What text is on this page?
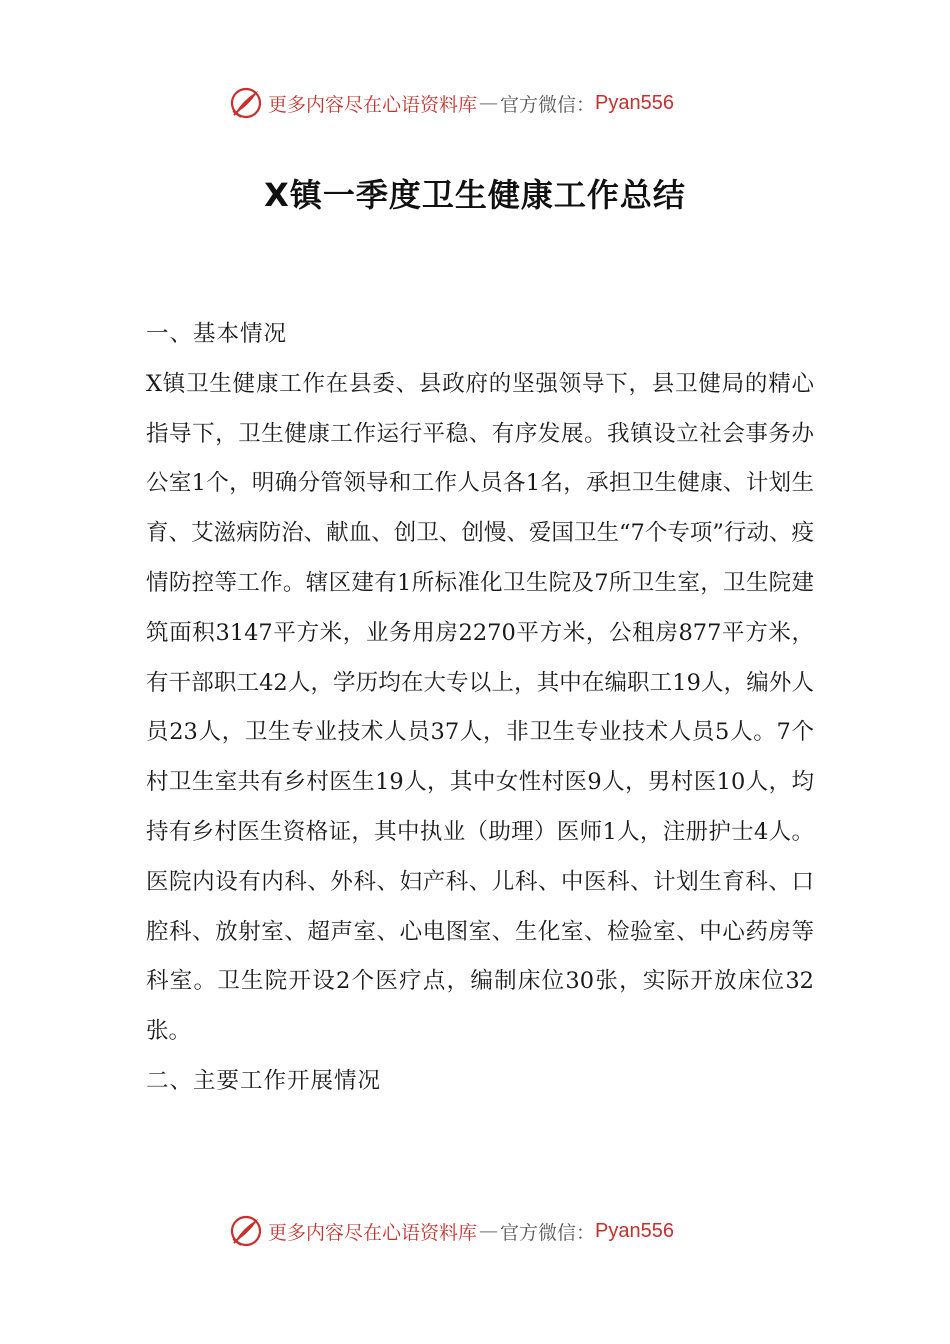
更多内容尽在心语资料库 — 官方微信： Pyan556
X镇一季度卫生健康工作总结

一、基本情况

X镇卫生健康工作在县委、县政府的坚强领导下，县卫健局的精心指导下，卫生健康工作运行平稳、有序发展。我镇设立社会事务办公室1个，明确分管领导和工作人员各1名，承担卫生健康、计划生育、艾滋病防治、献血、创卫、创慢、爱国卫生“7个专项”行动、疫情防控等工作。辖区建有1所标准化卫生院及7所卫生室，卫生院建筑面积3147平方米，业务用房2270平方米，公租房877平方米，有干部职工42人，学历均在大专以上，其中在编职工19人，编外人员23人，卫生专业技术人员37人，非卫生专业技术人员5人。7个村卫生室共有乡村医生19人，其中女性村医9人，男村医10人，均持有乡村医生资格证，其中执业（助理）医师1人，注册护士4人。医院内设有内科、外科、妇产科、儿科、中医科、计划生育科、口腔科、放射室、超声室、心电图室、生化室、检验室、中心药房等科室。卫生院开设2个医疗点，编制床位30张，实际开放床位32张。

二、主要工作开展情况

更多内容尽在心语资料库 — 官方微信： Pyan556
